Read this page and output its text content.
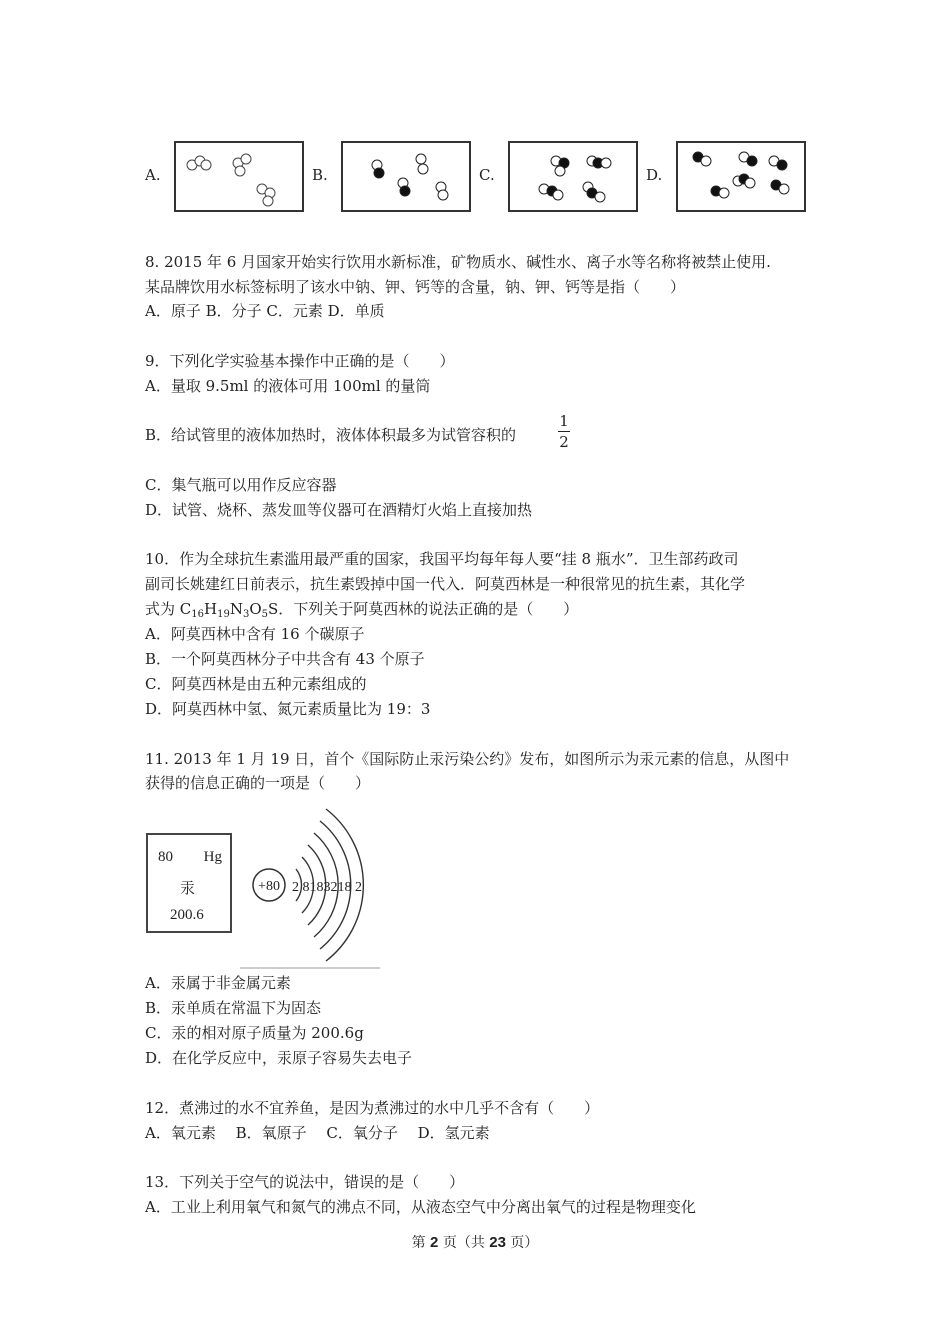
A.	B.	C.	D.
8. 2015 年 6 月国家开始实行饮用水新标准，矿物质水、碱性水、离子水等名称将被禁止使用.
某品牌饮用水标签标明了该水中钠、钾、钙等的含量，钠、钾、钙等是指（　　）
A．原子 B．分子 C．元素 D．单质
9．下列化学实验基本操作中正确的是（　　）
A．量取 9.5ml 的液体可用 100ml 的量筒
B．给试管里的液体加热时，液体体积最多为试管容积的
1
2
C．集气瓶可以用作反应容器
D．试管、烧杯、蒸发皿等仪器可在酒精灯火焰上直接加热
10．作为全球抗生素滥用最严重的国家，我国平均每年每人要“挂 8 瓶水”．卫生部药政司
副司长姚建红日前表示，抗生素毁掉中国一代入．阿莫西林是一种很常见的抗生素，其化学
式为 $C_{16}H_{19}N_3O_5S$．下列关于阿莫西林的说法正确的是（　　）
A．阿莫西林中含有 16 个碳原子
B．一个阿莫西林分子中共含有 43 个原子
C．阿莫西林是由五种元素组成的
D．阿莫西林中氢、氮元素质量比为 19：3
11. 2013 年 1 月 19 日，首个《国际防止汞污染公约》发布，如图所示为汞元素的信息，从图中
获得的信息正确的一项是（　　）
80 Hg
汞
200.6
+80 2 8183218 2
A．汞属于非金属元素
B．汞单质在常温下为固态
C．汞的相对原子质量为 200.6g
D．在化学反应中，汞原子容易失去电子
12．煮沸过的水不宜养鱼，是因为煮沸过的水中几乎不含有（　　）
A．氧元素　 B．氧原子　 C．氧分子　 D．氢元素
13．下列关于空气的说法中，错误的是（　　）
A．工业上利用氧气和氮气的沸点不同，从液态空气中分离出氧气的过程是物理变化
第 2 页（共 23 页）
